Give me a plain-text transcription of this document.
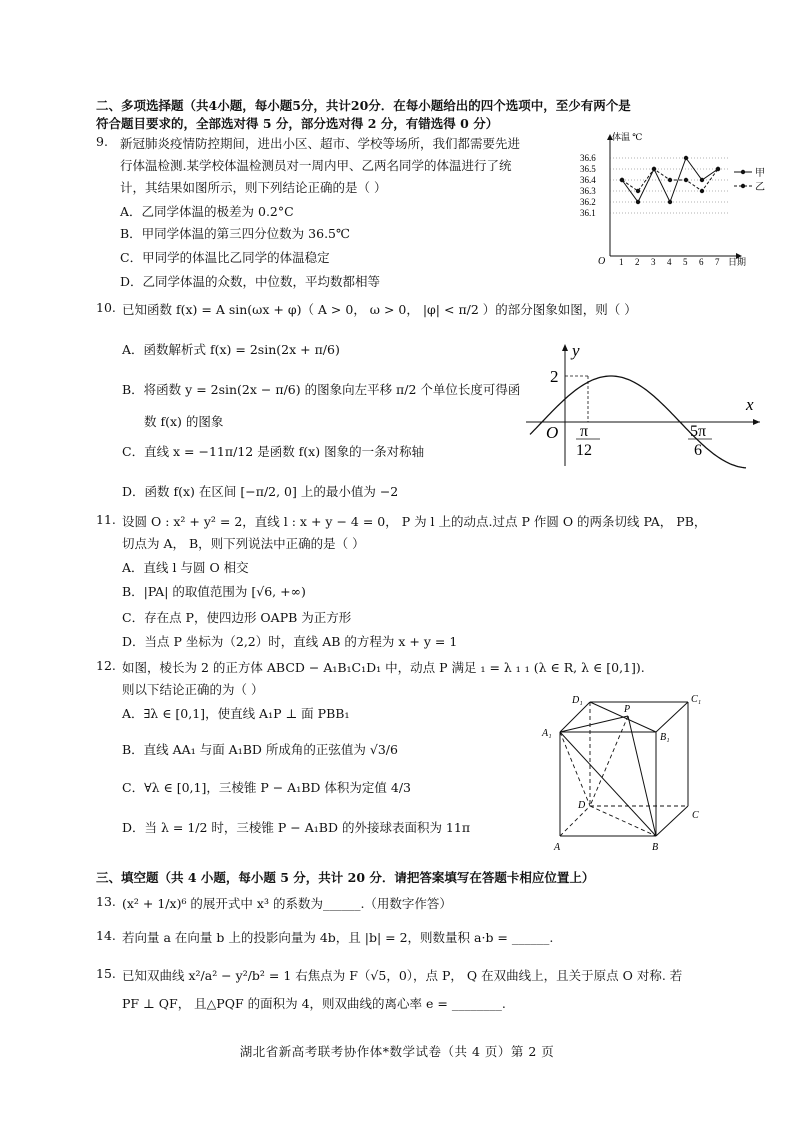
二、多项选择题（共4小题，每小题5分，共计20分．在每小题给出的四个选项中，至少有两个是
符合题目要求的，全部选对得 5 分，部分选对得 2 分，有错选得 0 分）
9. 新冠肺炎疫情防控期间，进出小区、超市、学校等场所，我们都需要先进
行体温检测.某学校体温检测员对一周内甲、乙两名同学的体温进行了统
计，其结果如图所示，则下列结论正确的是（ ）
A．乙同学体温的极差为 0.2°C
B．甲同学体温的第三四分位数为 36.5℃
C．甲同学的体温比乙同学的体温稳定
D．乙同学体温的众数，中位数，平均数都相等
体温 ℃
O	日期
36.6
36.5
36.4
36.3
36.2
36.1
1 2 3 4 5 6 7
甲
乙
10. 已知函数 f(x) = A sin(ωx + φ)（ A > 0， ω > 0， |φ| < π/2 ）的部分图象如图，则（ ）
A．函数解析式 f(x) = 2sin(2x + π/6)
B．将函数 y = 2sin(2x − π/6) 的图象向左平移 π/2 个单位长度可得函
数 f(x) 的图象
C．直线 x = −11π/12 是函数 f(x) 图象的一条对称轴
D．函数 f(x) 在区间 [−π/2, 0] 上的最小值为 −2
y
x
2
O π
12
5π
6
11. 设圆 O : x² + y² = 2，直线 l : x + y − 4 = 0， P 为 l 上的动点.过点 P 作圆 O 的两条切线 PA， PB，
切点为 A， B，则下列说法中正确的是（ ）
A．直线 l 与圆 O 相交
B．|PA| 的取值范围为 [√6, +∞)
C．存在点 P，使四边形 OAPB 为正方形
D．当点 P 坐标为（2,2）时，直线 AB 的方程为 x + y = 1
12. 如图，棱长为 2 的正方体 ABCD − A₁B₁C₁D₁ 中，动点 P 满足 ₁ = λ ₁ ₁ (λ ∈ R, λ ∈ [0,1]).
则以下结论正确的为（ ）
A．∃λ ∈ [0,1]，使直线 A₁P ⊥ 面 PBB₁
B．直线 AA₁ 与面 A₁BD 所成角的正弦值为 √3/6
C．∀λ ∈ [0,1]，三棱锥 P − A₁BD 体积为定值 4/3
D．当 λ = 1/2 时，三棱锥 P − A₁BD 的外接球表面积为 11π
D₁	C₁
A₁	B₁
P
D
C
A	B
三、填空题（共 4 小题，每小题 5 分，共计 20 分．请把答案填写在答题卡相应位置上）
13. (x² + 1/x)⁶ 的展开式中 x³ 的系数为______.（用数字作答）
14. 若向量 a 在向量 b 上的投影向量为 4b，且 |b| = 2，则数量积 a·b = ______.
15. 已知双曲线 x²/a² − y²/b² = 1 右焦点为 F（√5，0），点 P， Q 在双曲线上，且关于原点 O 对称. 若
PF ⊥ QF， 且△PQF 的面积为 4，则双曲线的离心率 e = ________.
湖北省新高考联考协作体*数学试卷（共 4 页）第 2 页
